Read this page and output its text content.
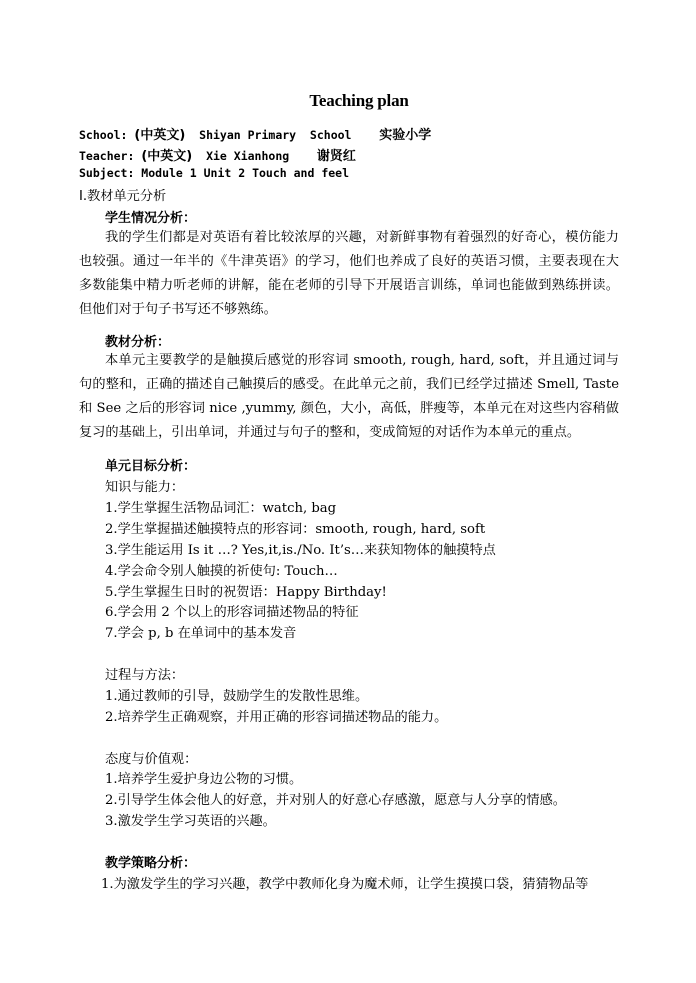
Teaching plan
School: (中英文) Shiyan Primary  School 实验小学
Teacher: (中英文) Xie Xianhong 谢贤红
Subject: Module 1 Unit 2 Touch and feel
Ⅰ.教材单元分析
学生情况分析：
我的学生们都是对英语有着比较浓厚的兴趣，对新鲜事物有着强烈的好奇心，模仿能力也较强。通过一年半的《牛津英语》的学习，他们也养成了良好的英语习惯，主要表现在大多数能集中精力听老师的讲解，能在老师的引导下开展语言训练，单词也能做到熟练拼读。但他们对于句子书写还不够熟练。
教材分析：
本单元主要教学的是触摸后感觉的形容词 smooth, rough, hard, soft，并且通过词与句的整和，正确的描述自己触摸后的感受。在此单元之前，我们已经学过描述 Smell, Taste 和 See 之后的形容词 nice ,yummy, 颜色，大小，高低，胖瘦等，本单元在对这些内容稍做复习的基础上，引出单词，并通过与句子的整和，变成简短的对话作为本单元的重点。
单元目标分析：
知识与能力：
1.学生掌握生活物品词汇：watch, bag
2.学生掌握描述触摸特点的形容词：smooth, rough, hard, soft
3.学生能运用 Is it …? Yes,it,is./No. It’s…来获知物体的触摸特点
4.学会命令别人触摸的祈使句: Touch…
5.学生掌握生日时的祝贺语：Happy Birthday!
6.学会用 2 个以上的形容词描述物品的特征
7.学会 p, b 在单词中的基本发音
过程与方法：
1.通过教师的引导，鼓励学生的发散性思维。
2.培养学生正确观察，并用正确的形容词描述物品的能力。
态度与价值观：
1.培养学生爱护身边公物的习惯。
2.引导学生体会他人的好意，并对别人的好意心存感激，愿意与人分享的情感。
3.激发学生学习英语的兴趣。
教学策略分析：
1.为激发学生的学习兴趣，教学中教师化身为魔术师，让学生摸摸口袋，猜猜物品等
